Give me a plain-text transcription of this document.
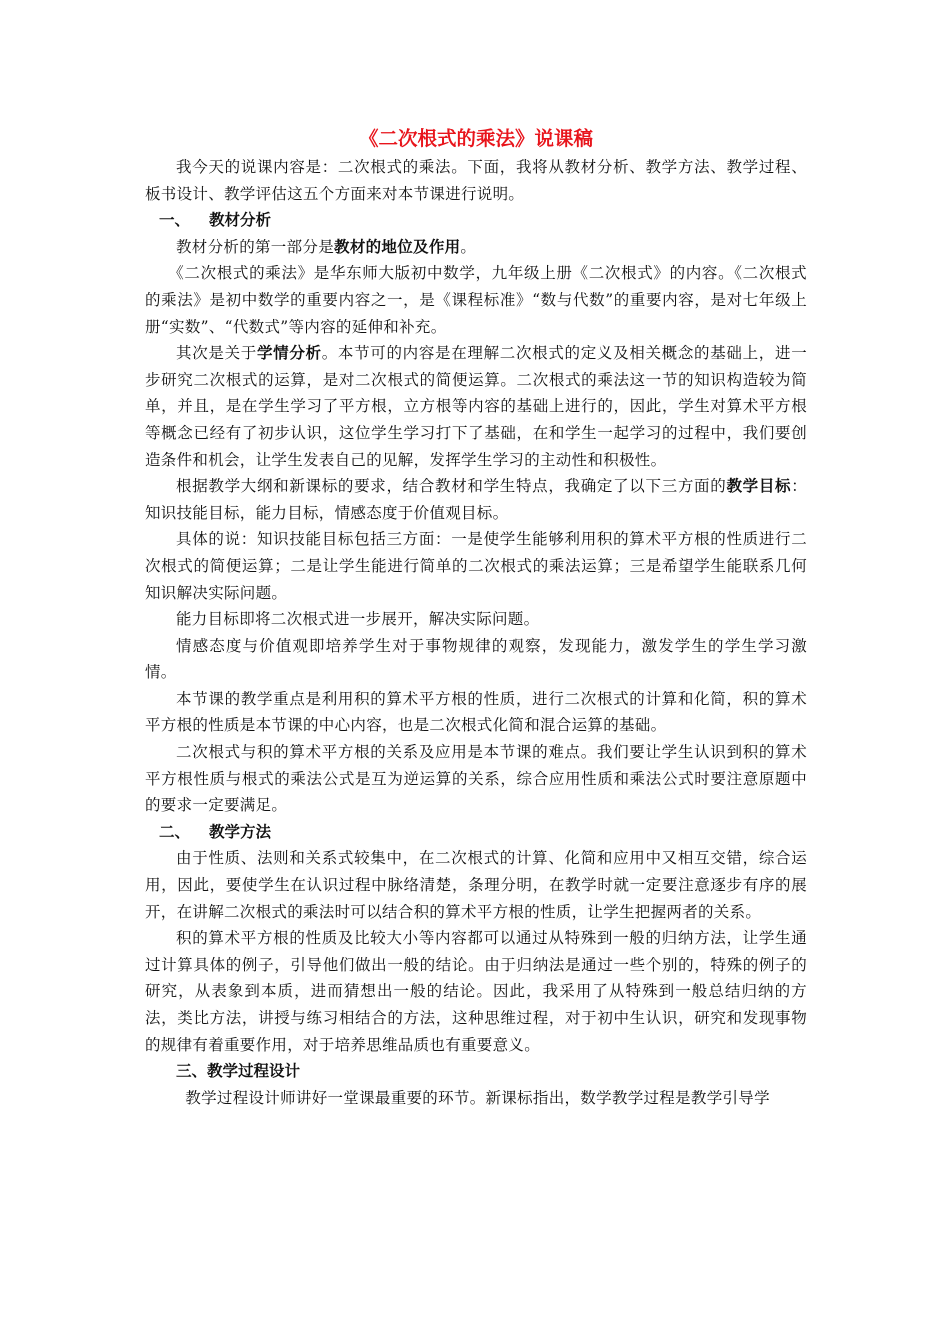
《二次根式的乘法》说课稿

我今天的说课内容是：二次根式的乘法。下面，我将从教材分析、教学方法、教学过程、板书设计、教学评估这五个方面来对本节课进行说明。

一、 教材分析

教材分析的第一部分是教材的地位及作用。

《二次根式的乘法》是华东师大版初中数学，九年级上册《二次根式》的内容。《二次根式的乘法》是初中数学的重要内容之一，是《课程标准》“数与代数”的重要内容，是对七年级上册“实数”、“代数式”等内容的延伸和补充。

其次是关于学情分析。本节可的内容是在理解二次根式的定义及相关概念的基础上，进一步研究二次根式的运算，是对二次根式的简便运算。二次根式的乘法这一节的知识构造较为简单，并且，是在学生学习了平方根，立方根等内容的基础上进行的，因此，学生对算术平方根等概念已经有了初步认识，这位学生学习打下了基础，在和学生一起学习的过程中，我们要创造条件和机会，让学生发表自己的见解，发挥学生学习的主动性和积极性。

根据教学大纲和新课标的要求，结合教材和学生特点，我确定了以下三方面的教学目标：知识技能目标，能力目标，情感态度于价值观目标。

具体的说：知识技能目标包括三方面：一是使学生能够利用积的算术平方根的性质进行二次根式的简便运算；二是让学生能进行简单的二次根式的乘法运算；三是希望学生能联系几何知识解决实际问题。

能力目标即将二次根式进一步展开，解决实际问题。

情感态度与价值观即培养学生对于事物规律的观察，发现能力，激发学生的学生学习激情。

本节课的教学重点是利用积的算术平方根的性质，进行二次根式的计算和化简，积的算术平方根的性质是本节课的中心内容，也是二次根式化简和混合运算的基础。

二次根式与积的算术平方根的关系及应用是本节课的难点。我们要让学生认识到积的算术平方根性质与根式的乘法公式是互为逆运算的关系，综合应用性质和乘法公式时要注意原题中的要求一定要满足。

二、 教学方法

由于性质、法则和关系式较集中，在二次根式的计算、化简和应用中又相互交错，综合运用，因此，要使学生在认识过程中脉络清楚，条理分明，在教学时就一定要注意逐步有序的展开，在讲解二次根式的乘法时可以结合积的算术平方根的性质，让学生把握两者的关系。

积的算术平方根的性质及比较大小等内容都可以通过从特殊到一般的归纳方法，让学生通过计算具体的例子，引导他们做出一般的结论。由于归纳法是通过一些个别的，特殊的例子的研究，从表象到本质，进而猜想出一般的结论。因此，我采用了从特殊到一般总结归纳的方法，类比方法，讲授与练习相结合的方法，这种思维过程，对于初中生认识，研究和发现事物的规律有着重要作用，对于培养思维品质也有重要意义。

三、教学过程设计

教学过程设计师讲好一堂课最重要的环节。新课标指出，数学教学过程是教学引导学
